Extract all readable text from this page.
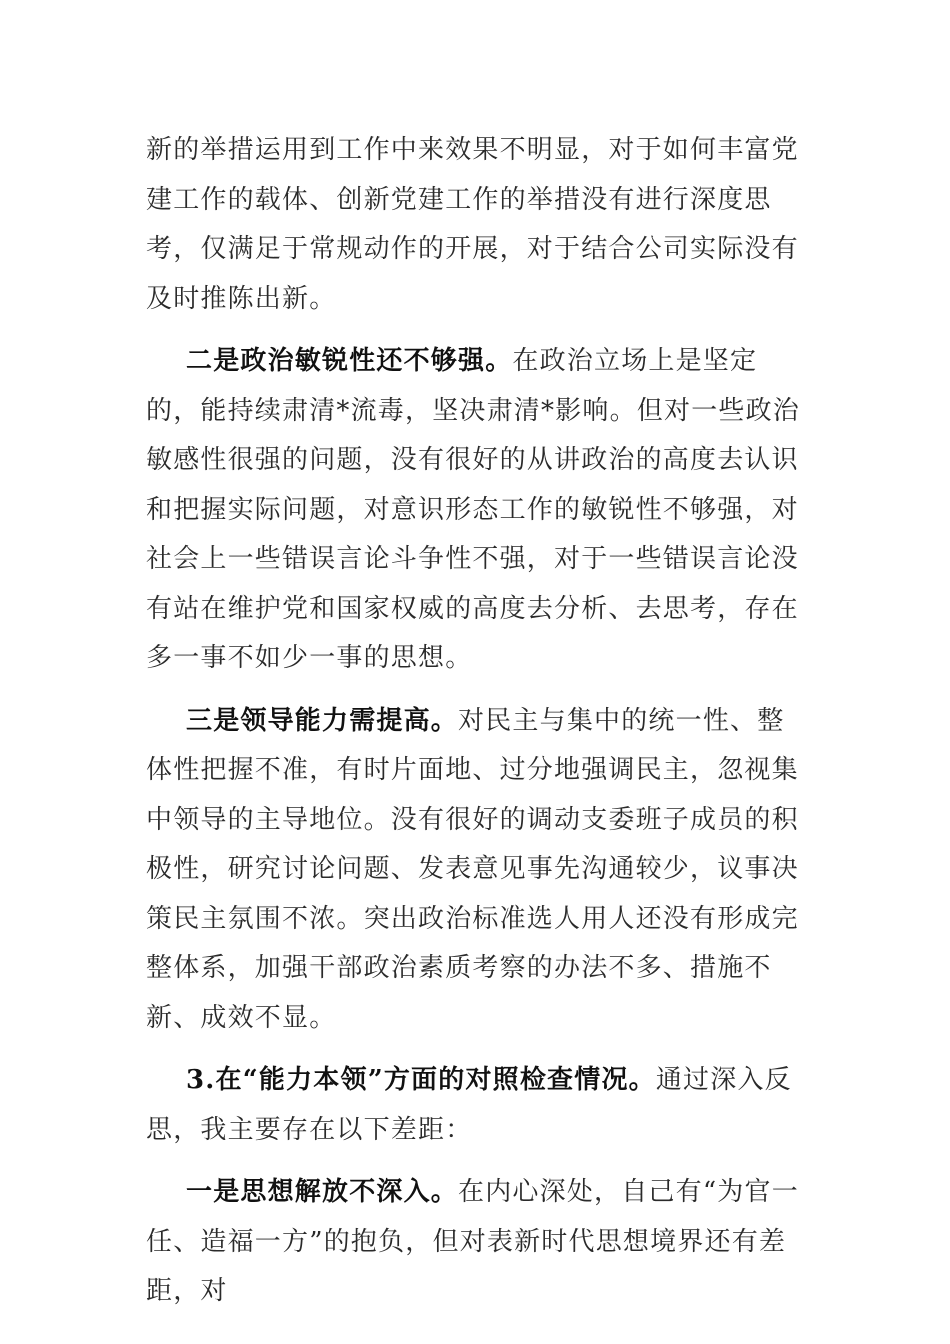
新的举措运用到工作中来效果不明显，对于如何丰富党建工作的载体、创新党建工作的举措没有进行深度思考，仅满足于常规动作的开展，对于结合公司实际没有及时推陈出新。

二是政治敏锐性还不够强。在政治立场上是坚定的，能持续肃清*流毒，坚决肃清*影响。但对一些政治敏感性很强的问题，没有很好的从讲政治的高度去认识和把握实际问题，对意识形态工作的敏锐性不够强，对社会上一些错误言论斗争性不强，对于一些错误言论没有站在维护党和国家权威的高度去分析、去思考，存在多一事不如少一事的思想。

三是领导能力需提高。对民主与集中的统一性、整体性把握不准，有时片面地、过分地强调民主，忽视集中领导的主导地位。没有很好的调动支委班子成员的积极性，研究讨论问题、发表意见事先沟通较少，议事决策民主氛围不浓。突出政治标准选人用人还没有形成完整体系，加强干部政治素质考察的办法不多、措施不新、成效不显。

3.在“能力本领”方面的对照检查情况。通过深入反思，我主要存在以下差距：

一是思想解放不深入。在内心深处，自己有“为官一任、造福一方”的抱负，但对表新时代思想境界还有差距，对
